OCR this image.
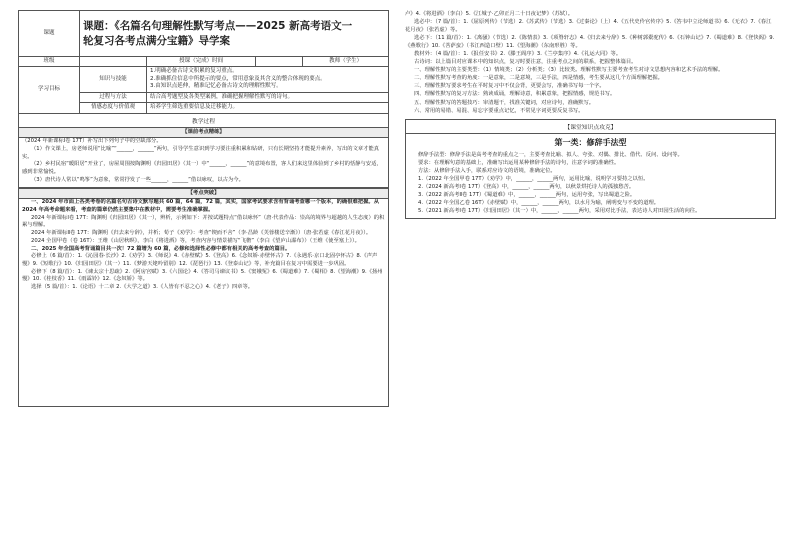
课题	课题：《名篇名句理解性默写考点——2025 新高考语文一
轮复习各考点满分宝籍》导学案			
班级		授课（完成）时间		教师（学生）
学习目标	知识与技能	1.明确必备古诗文积累的复习重点。
2.准确抓住信息中所提示的要点，常用意象及其含义的整合体现的要点。
3.由知识点延伸，精准记忆必备古诗文的理解性默写。		

	过程与方法	结合高考题型及各类型案例，准确把握理解性默写的诗句。		
	情感态度与价值观	培养学生筛选重要信息及迁移能力。		
教学过程
【课前考点精练】

（2024 年新课标Ⅰ卷 17T）补写出下列句子中的空缺部分。

（1）作文课上，房老师说用“比喻”“______，______”两句，引导学生意识到学习要注重积累和钻研，只有长期坚持才能提升素养，写出的文章才能真实。

（2）乡村民宿“暖阳居”开业了，房屋周围按陶渊明《归园田居》（其一）中“______，______”的意境布置，客人们来这里体验到了乡村的恬静与安适，感到非常愉悦。

（3）唐代诗人常以“鸣筝”为意象，常常抒发了一些______，______”借以咏叹，以古为今。

【考点突破】

一、2024 年市面上各类考卷的名篇名句古诗文默写题共 60 篇，64 篇，72 篇，其实，国家考试要求含有背诵考查哪一个版本，的确很难把握。从 2024 年高考命题来看，考查的篇章仍然主要集中在教材中，需要考生准确掌握。

2024 年新课标Ⅰ卷 17T：陶渊明《归园田居》（其一），辨析，示例如下：并按试题特点“借以咏怀”（唐·代表作品：崇高的境界与超越的人生态度）的积累与理解。

2024 年新课标Ⅱ卷 17T：陶渊明《归去来兮辞》，并析；荀子《劝学》：考查“锲而不舍”（李·昌龄《芙蓉楼送辛渐》）（唐·张若虚《春江花月夜》）。

2024 全国甲卷（卷 16T）：王维《山居秋暝》，李白《将进酒》等，考查内容与情景描写“飞檐”（李白《望庐山瀑布》）（王维《使至塞上》）。

二、2025 年全国高考背诵篇目共一次！72 篇增为 60 篇，必修和选择性必修中都有相关的高考考查的篇目。

必修上（6 篇/首）：1.《沁园春·长沙》2.《劝学》3.《师说》4.《赤壁赋》5.《登高》6.《念奴娇·赤壁怀古》7.《永遇乐·京口北固亭怀古》8.《声声慢》9.《短歌行》10.《归园田居》（其一）11.《梦游天姥吟留别》12.《琵琶行》13.《登泰山记》等，补充篇目在复习中需要进一步巩固。

必修下（8 篇/首）：1.《谏太宗十思疏》2.《阿房宫赋》3.《六国论》4.《答司马谏议书》5.《窦娥冤》6.《蜀道难》7.《蜀相》8.《望海潮》9.《扬州慢》10.《桂枝香》11.《雨霖铃》12.《念奴娇》等。

选择（5 篇/首）：1.《论语》十二章 2.《大学之道》3.《人皆有不忍之心》4.《老子》四章等。

卢》4.《将进酒》（李白）5.《江城子·乙卯正月二十日夜记梦》（苏轼）。

选必中：（7 篇/首）：1.《屈原列传》（节选）2.《苏武传》（节选）3.《过秦论》（上）4.《五代史伶官传序》5.《答韦中立论师道书》6.《无衣》7.《春江花月夜》（张若虚）等。

选必下：（11 篇/首）：1.《离骚》（节选）2.《陈情表》3.《项脊轩志》4.《归去来兮辞》5.《种树郭橐驼传》6.《石钟山记》7.《蜀道难》8.《登快阁》9.《燕歌行》10.《菩萨蛮》（书江西造口壁）11.《望海潮》（东南形胜）等。

教材外：（4 篇/首）：1.《报任安书》2.《滕王阁序》3.《兰亭集序》4.《礼运大同》等。

古诗词：以上篇目对应课本中的知识点，复习时要注意，注重考点之间的联系，把握整体篇目。

一、理解性默写的主要类型：（1）情境类；（2）分析类；（3）比较类。理解性默写主要考查考生对诗文思想内容和艺术手法的理解。

二、理解性默写考查的角度：一是意象，二是意境，三是手法，四是情感，考生要从这几个方面理解把握。

三、理解性默写要求考生在平时复习中不仅会背，更要会写，准确书写每一个字。

四、理解性默写的复习方法：熟读成诵，理解诗意，积累意象，把握情感，规范书写。

五、理解性默写的答题技巧：审清题干，找准关键词，对应诗句，准确默写。

六、常用的易错、易混、易忘字要重点记忆，不常见字词更要反复书写。

【课堂知识点攻克】
第一类：修辞手法型

修辞手法型：修辞手法是高考考查的重点之一，主要考查比喻、拟人、夸张、对偶、排比、借代、反问、设问等。

要求：在理解句意的基础上，准确写出运用某种修辞手法的诗句，注意字词的准确性。

方法：从修辞手法入手，联系对应诗文的语境，准确定位。

1.（2022 年全国甲卷 17T）《劝学》中，______，______两句，运用比喻，说明学习要持之以恒。

2.（2024 新高考Ⅰ卷 17T）《登高》中，______，______两句，以秋景烘托诗人的孤独愁苦。

3.（2022 新高考Ⅱ卷 17T）《蜀道难》中，______，______两句，运用夸张，写出蜀道之险。

4.（2022 年全国乙卷 16T）《赤壁赋》中，______，______两句，以水月为喻，阐明变与不变的道理。

5.（2021 新高考Ⅰ卷 17T）《归园田居》（其一）中，______，______两句，采用对比手法，表达诗人对田园生活的向往。
